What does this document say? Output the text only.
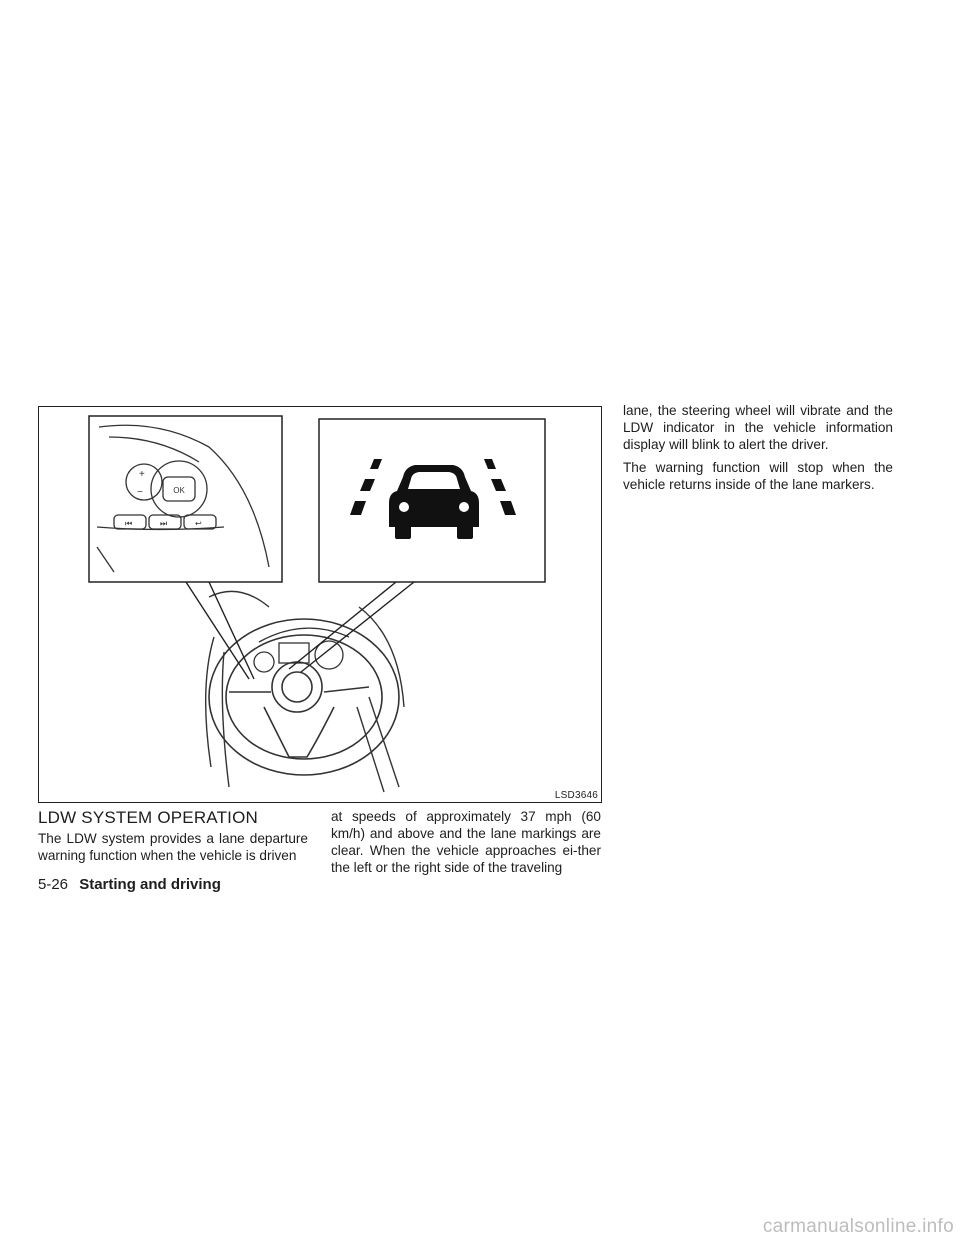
OK
+
−
⏮	⏭	↩
LSD3646
LDW SYSTEM OPERATION

The LDW system provides a lane departure warning function when the vehicle is driven

at speeds of approximately 37 mph (60 km/h) and above and the lane markings are clear. When the vehicle approaches ei-ther the left or the right side of the traveling

lane, the steering wheel will vibrate and the LDW indicator in the vehicle information display will blink to alert the driver.

The warning function will stop when the vehicle returns inside of the lane markers.

5-26 Starting and driving
carmanualsonline.info
